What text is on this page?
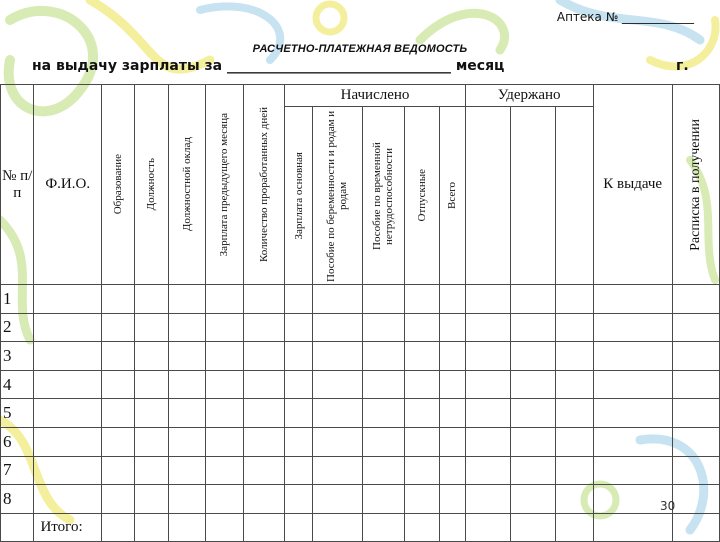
Аптека № ____________
РАСЧЕТНО-ПЛАТЕЖНАЯ ВЕДОМОСТЬ
на выдачу зарплаты за ________________________________ месяц	г.
№ п/п	Ф.И.О.	Образование	Должность	Должностной оклад	Зарплата предыдущего месяца	Количество проработанных дней	Начислено					Удержано			К выдаче	Расписка в получении

							Зарплата основная	Пособие по беременности и родам и родам	Пособие по временной нетрудоспособности	Отпускные	Всего					

1																
2																
3																
4																
5																
6																
7																
8																
	Итого:															
30
